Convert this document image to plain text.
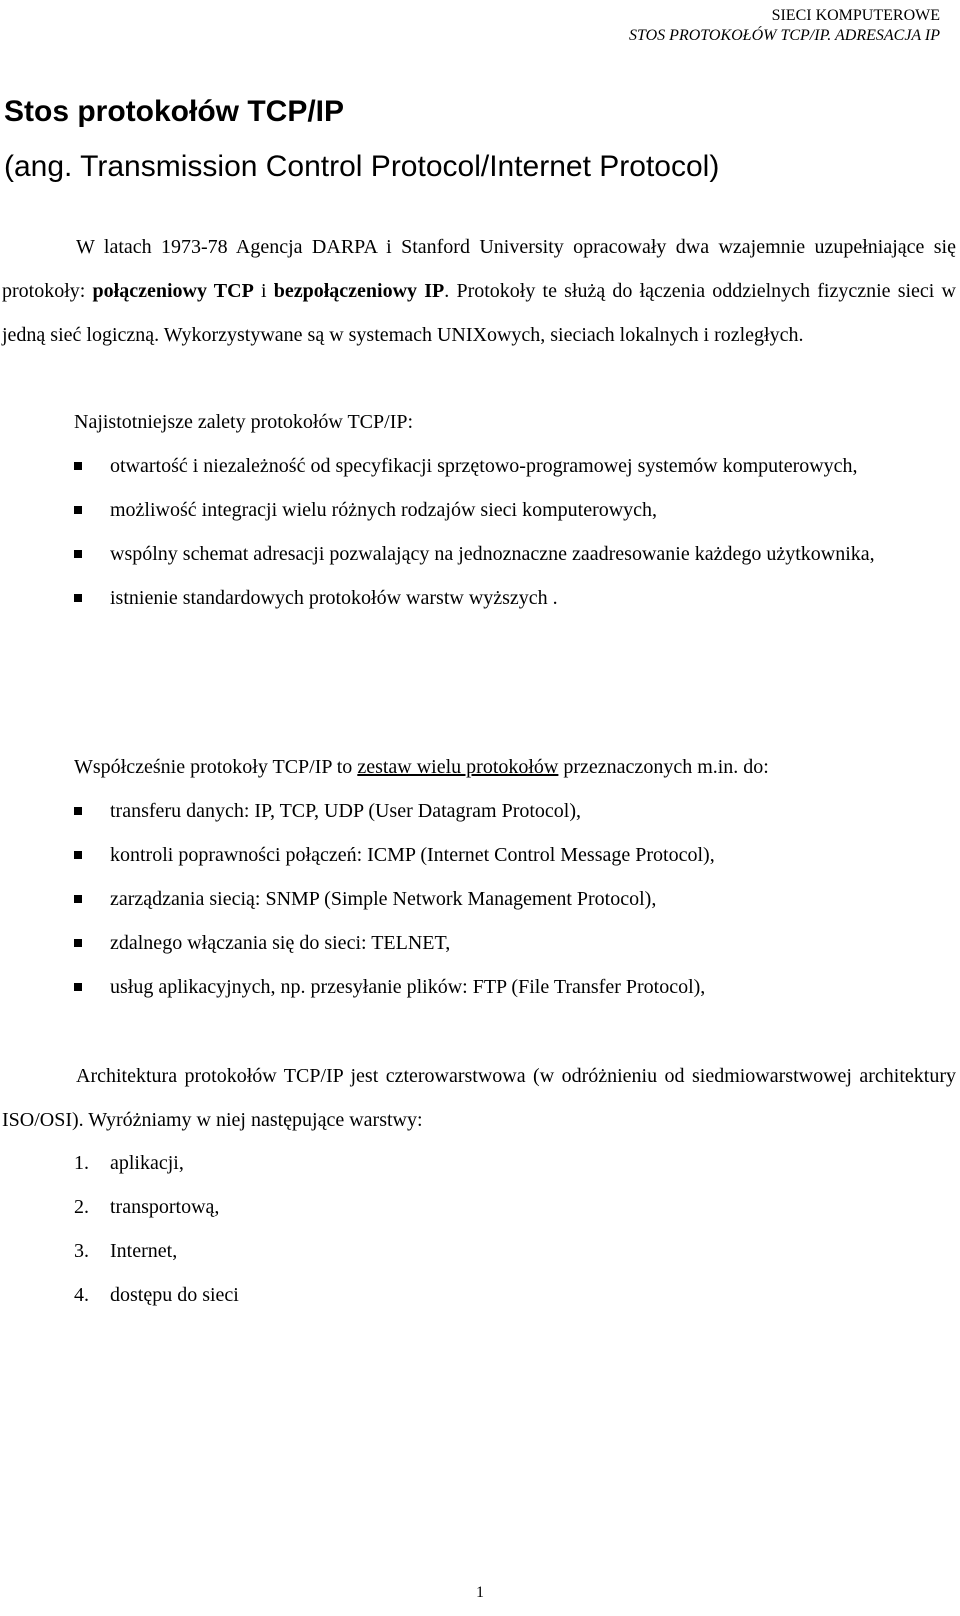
SIECI KOMPUTEROWE
STOS PROTOKOŁÓW TCP/IP. ADRESACJA IP
Stos protokołów TCP/IP
(ang. Transmission Control Protocol/Internet Protocol)

W latach 1973-78 Agencja DARPA i Stanford University opracowały dwa wzajemnie uzupełniające się protokoły: połączeniowy TCP i bezpołączeniowy IP. Protokoły te służą do łączenia oddzielnych fizycznie sieci w jedną sieć logiczną. Wykorzystywane są w systemach UNIXowych, sieciach lokalnych i rozległych.

Najistotniejsze zalety protokołów TCP/IP:

otwartość i niezależność od specyfikacji sprzętowo-programowej systemów komputerowych,
możliwość integracji wielu różnych rodzajów sieci komputerowych,
wspólny schemat adresacji pozwalający na jednoznaczne zaadresowanie każdego użytkownika,
istnienie standardowych protokołów warstw wyższych .

Współcześnie protokoły TCP/IP to zestaw wielu protokołów przeznaczonych m.in. do:

transferu danych: IP, TCP, UDP (User Datagram Protocol),
kontroli poprawności połączeń: ICMP (Internet Control Message Protocol),
zarządzania siecią: SNMP (Simple Network Management Protocol),
zdalnego włączania się do sieci: TELNET,
usług aplikacyjnych, np. przesyłanie plików: FTP (File Transfer Protocol),

Architektura protokołów TCP/IP jest czterowarstwowa (w odróżnieniu od siedmiowarstwowej architektury ISO/OSI). Wyróżniamy w niej następujące warstwy:

1. aplikacji,
2. transportową,
3. Internet,
4. dostępu do sieci
1
